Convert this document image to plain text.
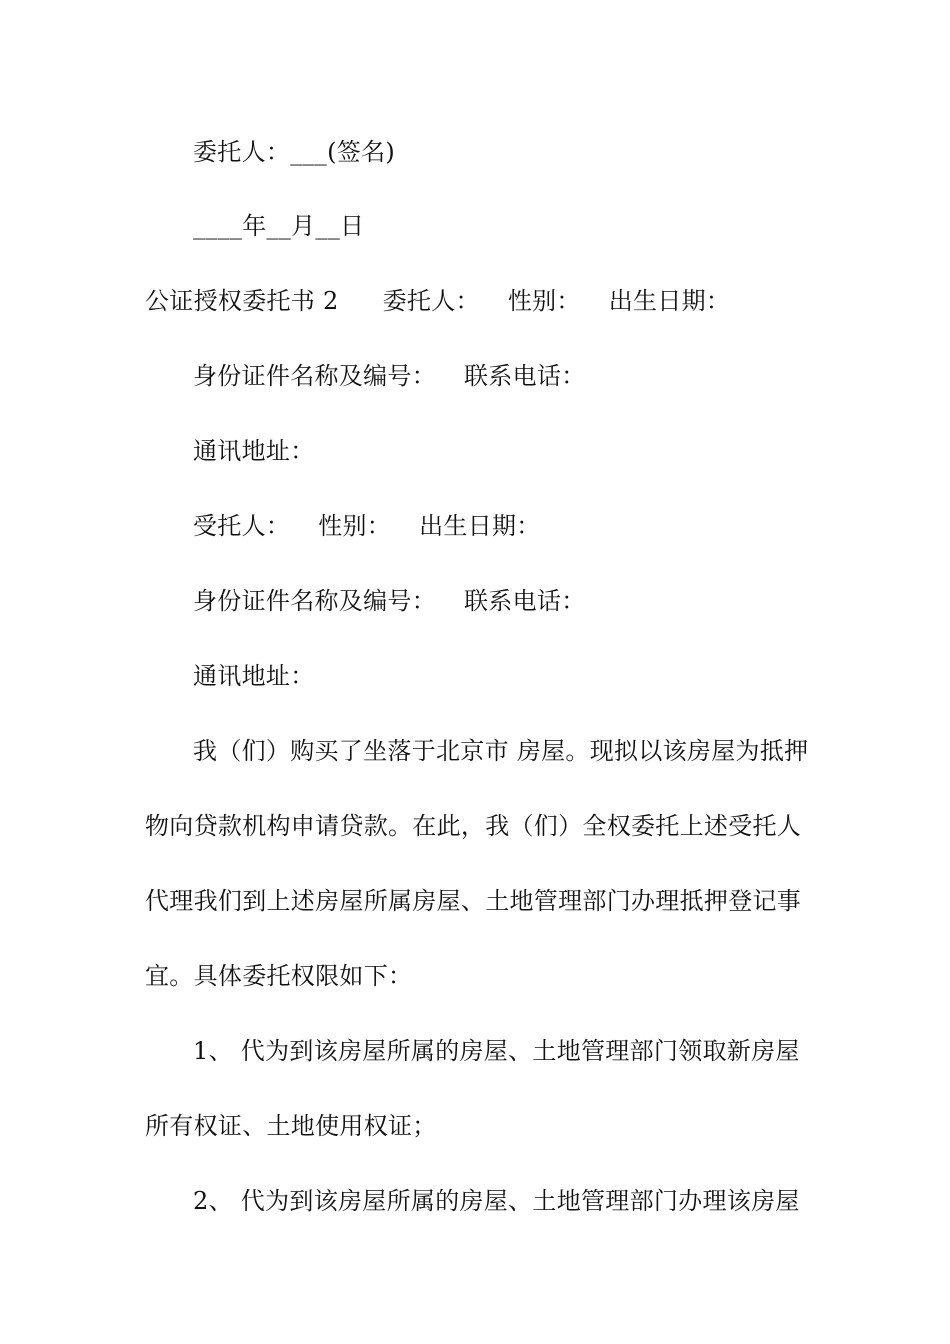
委托人：___(签名)
____年__月__日
公证授权委托书 2 委托人： 性别： 出生日期：
身份证件名称及编号： 联系电话：
通讯地址：
受托人： 性别： 出生日期：
身份证件名称及编号： 联系电话：
通讯地址：
我（们）购买了坐落于北京市 房屋。现拟以该房屋为抵押
物向贷款机构申请贷款。在此，我（们）全权委托上述受托人
代理我们到上述房屋所属房屋、土地管理部门办理抵押登记事
宜。具体委托权限如下：
1、 代为到该房屋所属的房屋、土地管理部门领取新房屋
所有权证、土地使用权证；
2、 代为到该房屋所属的房屋、土地管理部门办理该房屋
